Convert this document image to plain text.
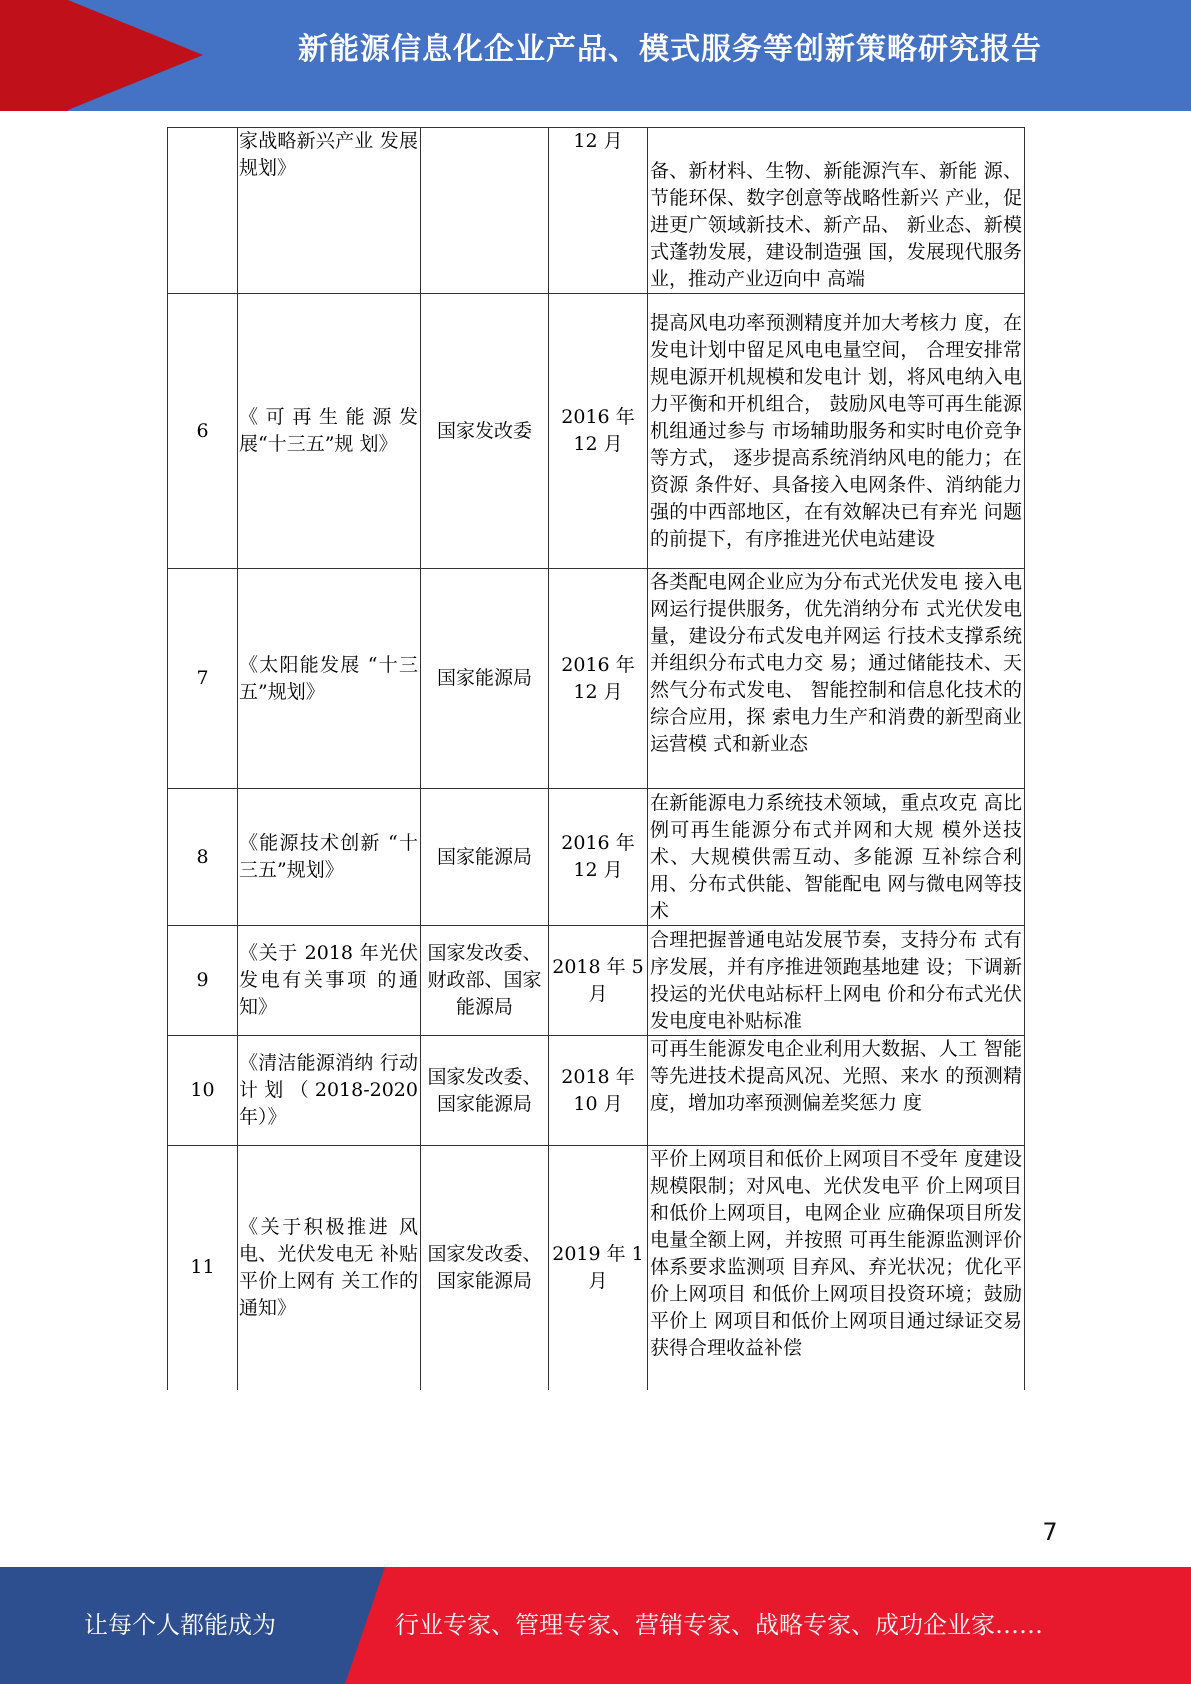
新能源信息化企业产品、模式服务等创新策略研究报告
	家战略新兴产业 发展规划》		12 月	备、新材料、生物、新能源汽车、新能 源、节能环保、数字创意等战略性新兴 产业，促进更广领域新技术、新产品、 新业态、新模式蓬勃发展，建设制造强 国，发展现代服务业，推动产业迈向中 高端
6	《可再生能源发 展“十三五”规 划》	国家发改委	2016 年 12 月	提高风电功率预测精度并加大考核力 度，在发电计划中留足风电电量空间， 合理安排常规电源开机规模和发电计 划，将风电纳入电力平衡和开机组合， 鼓励风电等可再生能源机组通过参与 市场辅助服务和实时电价竞争等方式， 逐步提高系统消纳风电的能力；在资源 条件好、具备接入电网条件、消纳能力 强的中西部地区，在有效解决已有弃光 问题的前提下，有序推进光伏电站建设
7	《太阳能发展 “十三五”规划》	国家能源局	2016 年 12 月	各类配电网企业应为分布式光伏发电 接入电网运行提供服务，优先消纳分布 式光伏发电量，建设分布式发电并网运 行技术支撑系统并组织分布式电力交 易；通过储能技术、天然气分布式发电、 智能控制和信息化技术的综合应用，探 索电力生产和消费的新型商业运营模 式和新业态
8	《能源技术创新 “十三五”规划》	国家能源局	2016 年 12 月	在新能源电力系统技术领域，重点攻克 高比例可再生能源分布式并网和大规 模外送技术、大规模供需互动、多能源 互补综合利用、分布式供能、智能配电 网与微电网等技术
9	《关于 2018 年光伏发电有关事项 的通知》	国家发改委、财政部、国家能源局	2018 年 5 月	合理把握普通电站发展节奏，支持分布 式有序发展，并有序推进领跑基地建 设；下调新投运的光伏电站标杆上网电 价和分布式光伏发电度电补贴标准
10	《清洁能源消纳 行动计划（2018-2020年）》	国家发改委、国家能源局	2018 年 10 月	可再生能源发电企业利用大数据、人工 智能等先进技术提高风况、光照、来水 的预测精度，增加功率预测偏差奖惩力 度
11	《关于积极推进 风电、光伏发电无 补贴平价上网有 关工作的通知》	国家发改委、国家能源局	2019 年 1 月	平价上网项目和低价上网项目不受年 度建设规模限制；对风电、光伏发电平 价上网项目和低价上网项目，电网企业 应确保项目所发电量全额上网，并按照 可再生能源监测评价体系要求监测项 目弃风、弃光状况；优化平价上网项目 和低价上网项目投资环境；鼓励平价上 网项目和低价上网项目通过绿证交易 获得合理收益补偿
7
让每个人都能成为	行业专家、管理专家、营销专家、战略专家、成功企业家……
